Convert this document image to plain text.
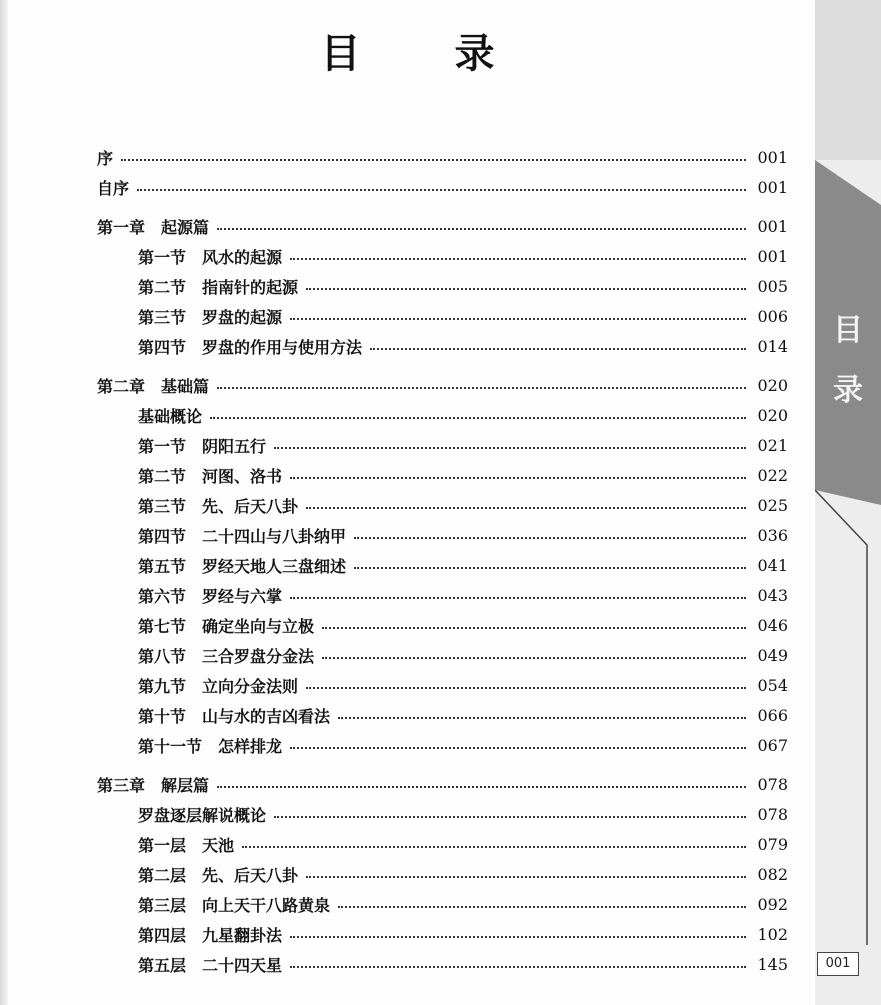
目 录
序	001
自序	001
第一章　起源篇	001
第一节　风水的起源	001
第二节　指南针的起源	005
第三节　罗盘的起源	006
第四节　罗盘的作用与使用方法	014
第二章　基础篇	020
基础概论	020
第一节　阴阳五行	021
第二节　河图、洛书	022
第三节　先、后天八卦	025
第四节　二十四山与八卦纳甲	036
第五节　罗经天地人三盘细述	041
第六节　罗经与六掌	043
第七节　确定坐向与立极	046
第八节　三合罗盘分金法	049
第九节　立向分金法则	054
第十节　山与水的吉凶看法	066
第十一节　怎样排龙	067
第三章　解层篇	078
罗盘逐层解说概论	078
第一层　天池	079
第二层　先、后天八卦	082
第三层　向上天干八路黄泉	092
第四层　九星翻卦法	102
第五层　二十四天星	145
目
录
001
